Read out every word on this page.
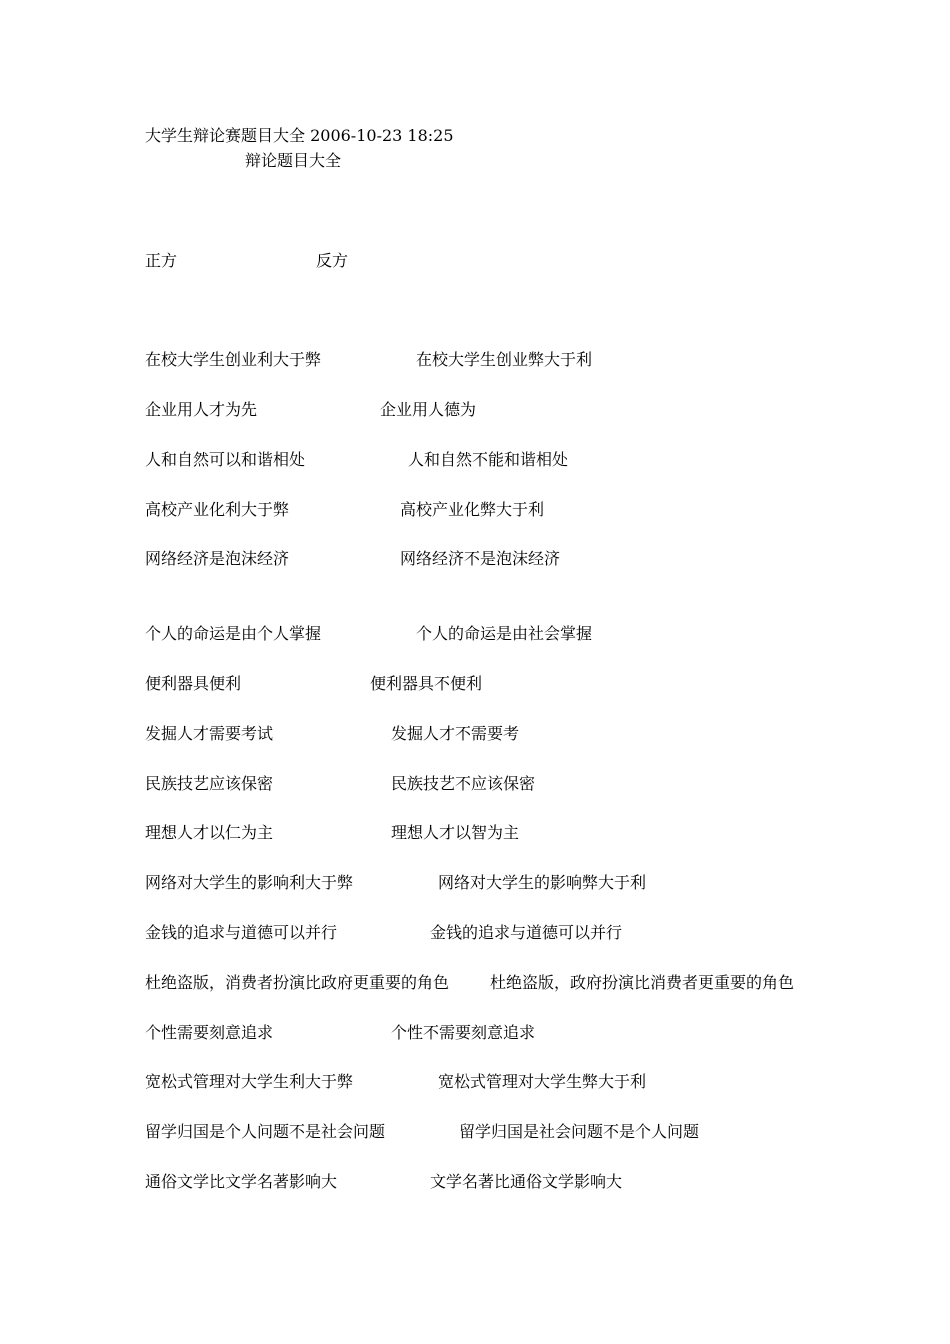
大学生辩论赛题目大全 2006-10-23 18:25
辩论题目大全
正方	反方
在校大学生创业利大于弊	在校大学生创业弊大于利
企业用人才为先	企业用人德为
人和自然可以和谐相处	人和自然不能和谐相处
高校产业化利大于弊	高校产业化弊大于利
网络经济是泡沫经济	网络经济不是泡沫经济
个人的命运是由个人掌握	个人的命运是由社会掌握
便利器具便利	便利器具不便利
发掘人才需要考试	发掘人才不需要考
民族技艺应该保密	民族技艺不应该保密
理想人才以仁为主	理想人才以智为主
网络对大学生的影响利大于弊	网络对大学生的影响弊大于利
金钱的追求与道德可以并行	金钱的追求与道德可以并行
杜绝盗版，消费者扮演比政府更重要的角色	杜绝盗版，政府扮演比消费者更重要的角色
个性需要刻意追求	个性不需要刻意追求
宽松式管理对大学生利大于弊	宽松式管理对大学生弊大于利
留学归国是个人问题不是社会问题	留学归国是社会问题不是个人问题
通俗文学比文学名著影响大	文学名著比通俗文学影响大
